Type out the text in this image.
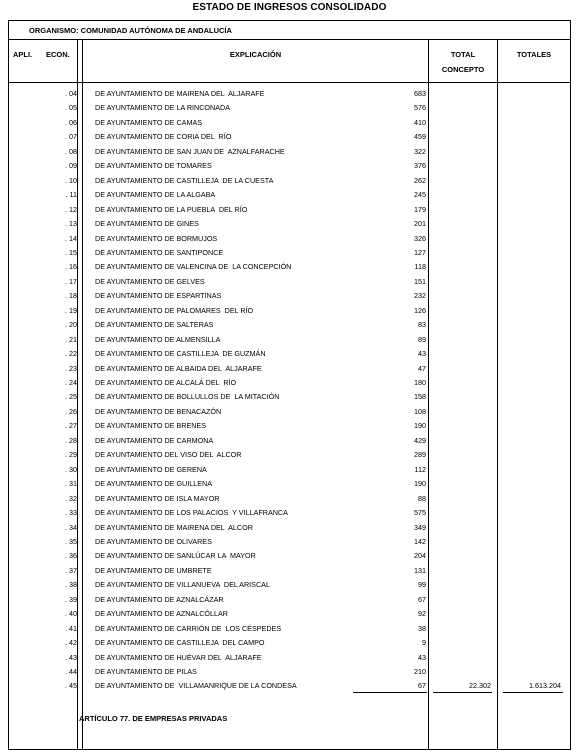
ESTADO DE INGRESOS CONSOLIDADO
ORGANISMO: COMUNIDAD AUTÓNOMA DE ANDALUCÍA
APLI. ECON.	EXPLICACIÓN	TOTAL
CONCEPTO
TOTALES
. 04	DE AYUNTAMIENTO DE MAIRENA DEL  ALJARAFE	683
. 05	DE AYUNTAMIENTO DE LA RINCONADA	576
. 06	DE AYUNTAMIENTO DE CAMAS	410
. 07	DE AYUNTAMIENTO DE CORIA DEL  RÍO	459
. 08	DE AYUNTAMIENTO DE SAN JUAN DE  AZNALFARACHE	322
. 09	DE AYUNTAMIENTO DE TOMARES	376
. 10	DE AYUNTAMIENTO DE CASTILLEJA  DE LA CUESTA	262
. 11	DE AYUNTAMIENTO DE LA ALGABA	245
. 12	DE AYUNTAMIENTO DE LA PUEBLA  DEL RÍO	179
. 13	DE AYUNTAMIENTO DE GINES	201
. 14	DE AYUNTAMIENTO DE BORMUJOS	326
. 15	DE AYUNTAMIENTO DE SANTIPONCE	127
. 16	DE AYUNTAMIENTO DE VALENCINA DE  LA CONCEPCIÓN	118
. 17	DE AYUNTAMIENTO DE GELVES	151
. 18	DE AYUNTAMIENTO DE ESPARTINAS	232
. 19	DE AYUNTAMIENTO DE PALOMARES  DEL RÍO	126
. 20	DE AYUNTAMIENTO DE SALTERAS	83
. 21	DE AYUNTAMIENTO DE ALMENSILLA	89
. 22	DE AYUNTAMIENTO DE CASTILLEJA  DE GUZMÁN	43
. 23	DE AYUNTAMIENTO DE ALBAIDA DEL  ALJARAFE	47
. 24	DE AYUNTAMIENTO DE ALCALÁ DEL  RÍO	180
. 25	DE AYUNTAMIENTO DE BOLLULLOS DE  LA MITACIÓN	158
. 26	DE AYUNTAMIENTO DE BENACAZÓN	108
. 27	DE AYUNTAMIENTO DE BRENES	190
. 28	DE AYUNTAMIENTO DE CARMONA	429
. 29	DE AYUNTAMIENTO DEL VISO DEL  ALCOR	289
. 30	DE AYUNTAMIENTO DE GERENA	112
. 31	DE AYUNTAMIENTO DE GUILLENA	190
. 32	DE AYUNTAMIENTO DE ISLA MAYOR	88
. 33	DE AYUNTAMIENTO DE LOS PALACIOS  Y VILLAFRANCA	575
. 34	DE AYUNTAMIENTO DE MAIRENA DEL  ALCOR	349
. 35	DE AYUNTAMIENTO DE OLIVARES	142
. 36	DE AYUNTAMIENTO DE SANLÚCAR LA  MAYOR	204
. 37	DE AYUNTAMIENTO DE UMBRETE	131
. 38	DE AYUNTAMIENTO DE VILLANUEVA  DEL ARISCAL	99
. 39	DE AYUNTAMIENTO DE AZNALCÁZAR	67
. 40	DE AYUNTAMIENTO DE AZNALCÓLLAR	92
. 41	DE AYUNTAMIENTO DE CARRIÓN DE  LOS CÉSPEDES	38
. 42	DE AYUNTAMIENTO DE CASTILLEJA  DEL CAMPO	9
. 43	DE AYUNTAMIENTO DE HUÉVAR DEL  ALJARAFE	43
. 44	DE AYUNTAMIENTO DE PILAS	210
. 45	DE AYUNTAMIENTO DE  VILLAMANRIQUE DE LA CONDESA	67	22.302	1.613.204
ARTÍCULO 77. DE EMPRESAS PRIVADAS
